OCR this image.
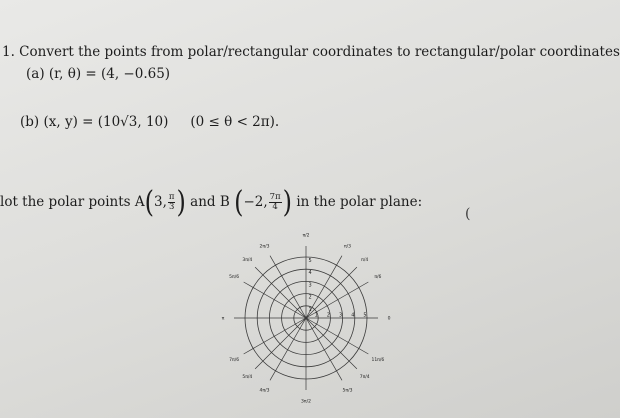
1. Convert the points from polar/rectangular coordinates to rectangular/polar coordinates
(a) (r, θ) = (4, −0.65)
(b) (x, y) = (10√3, 10) (0 ≤ θ < 2π).
lot the polar points A ( 3, $\frac{\pi}{3}$ )
and B
( −2, $\frac{7\pi}{4}$ )
in the polar plane:
(
0
π/6
π/4
π/3
π/2
2π/3
3π/4
5π/6
π
7π/6
5π/4
4π/3
3π/2
5π/3
7π/4
11π/6
1
1
2
2
3
3
4
4
5
5
